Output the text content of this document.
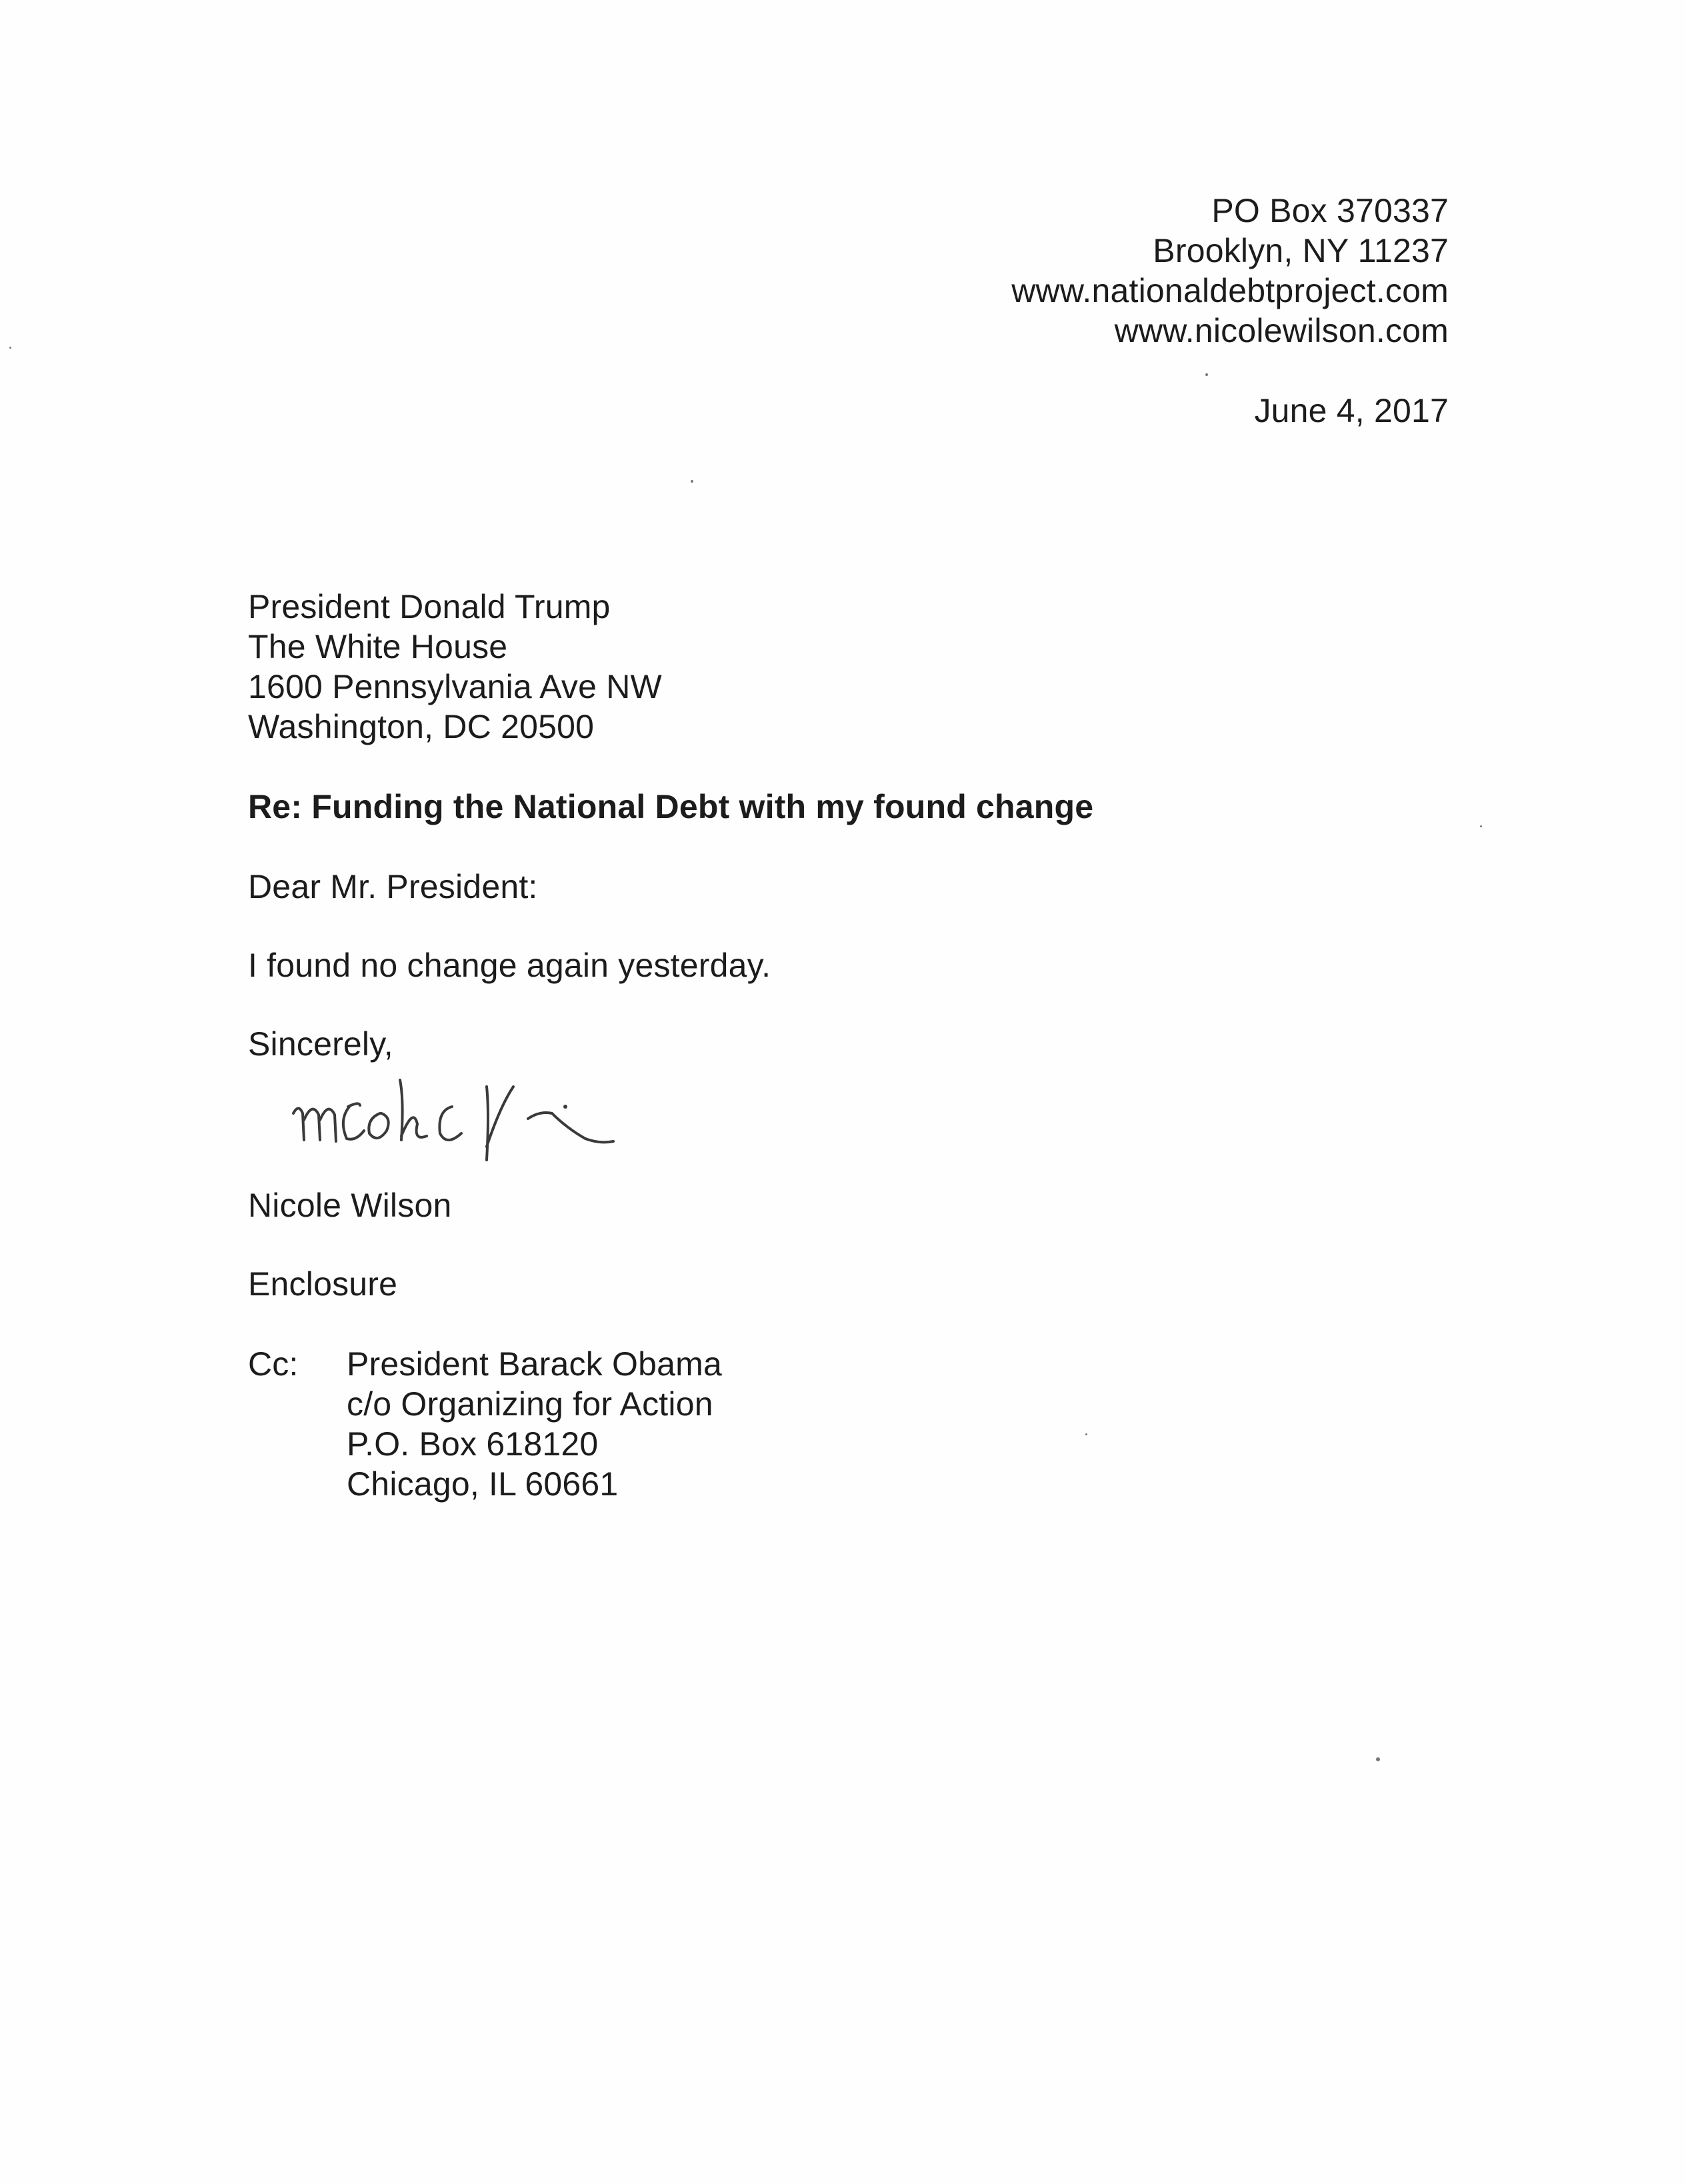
PO Box 370337
Brooklyn, NY 11237
www.nationaldebtproject.com
www.nicolewilson.com
June 4, 2017
President Donald Trump
The White House
1600 Pennsylvania Ave NW
Washington, DC 20500
Re: Funding the National Debt with my found change
Dear Mr. President:
I found no change again yesterday.
Sincerely,
Nicole Wilson
Enclosure
Cc: President Barack Obama
c/o Organizing for Action
P.O. Box 618120
Chicago, IL 60661
